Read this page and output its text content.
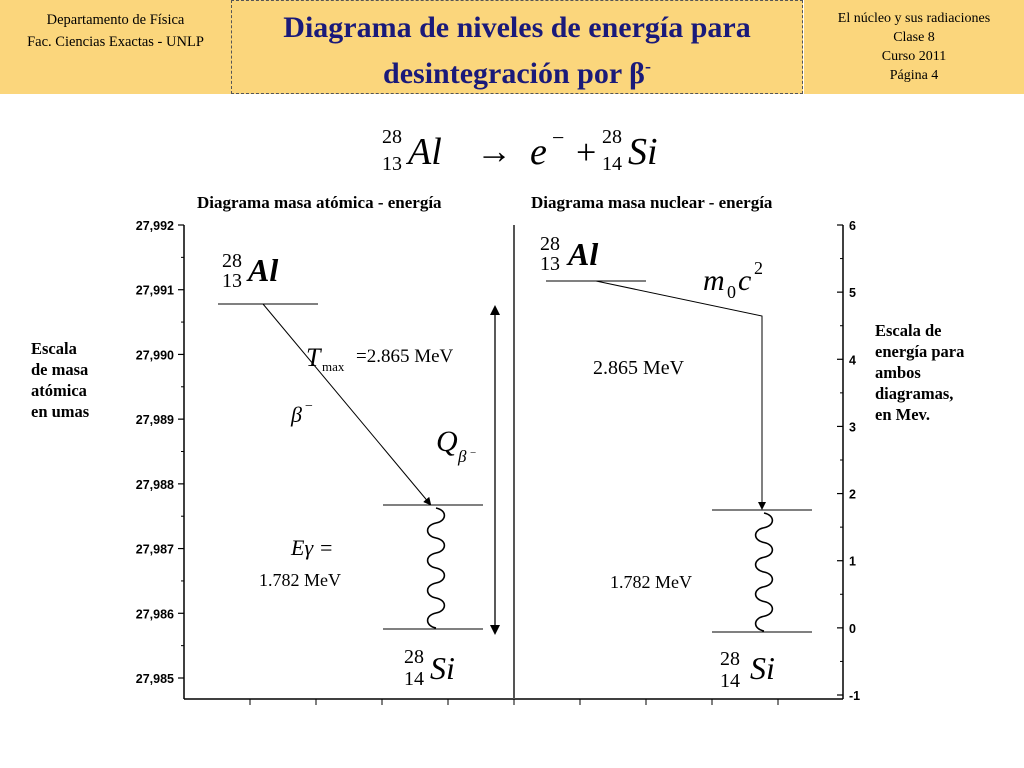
Departamento de Física
Fac. Ciencias Exactas - UNLP	Diagrama de niveles de energía para
desintegración por β-
El núcleo y sus radiaciones
Clase 8
Curso 2011
Página 4
28
13 Al → e − + 28
14 Si
Diagrama masa atómica - energía	Diagrama masa nuclear - energía
Escala
de masa
atómica
en umas
Escala de
energía para
ambos
diagramas,
en Mev.
27,992
27,991
27,990
27,989
27,988
27,987
27,986
27,985
6
5
4
3
2
1
0
-1
28
13 Al
28
14 Si
T max =2.865 MeV
β −
Q β −
Eγ =
1.782 MeV
28
13 Al
m 0 c 2
2.865 MeV
1.782 MeV
28
14 Si
